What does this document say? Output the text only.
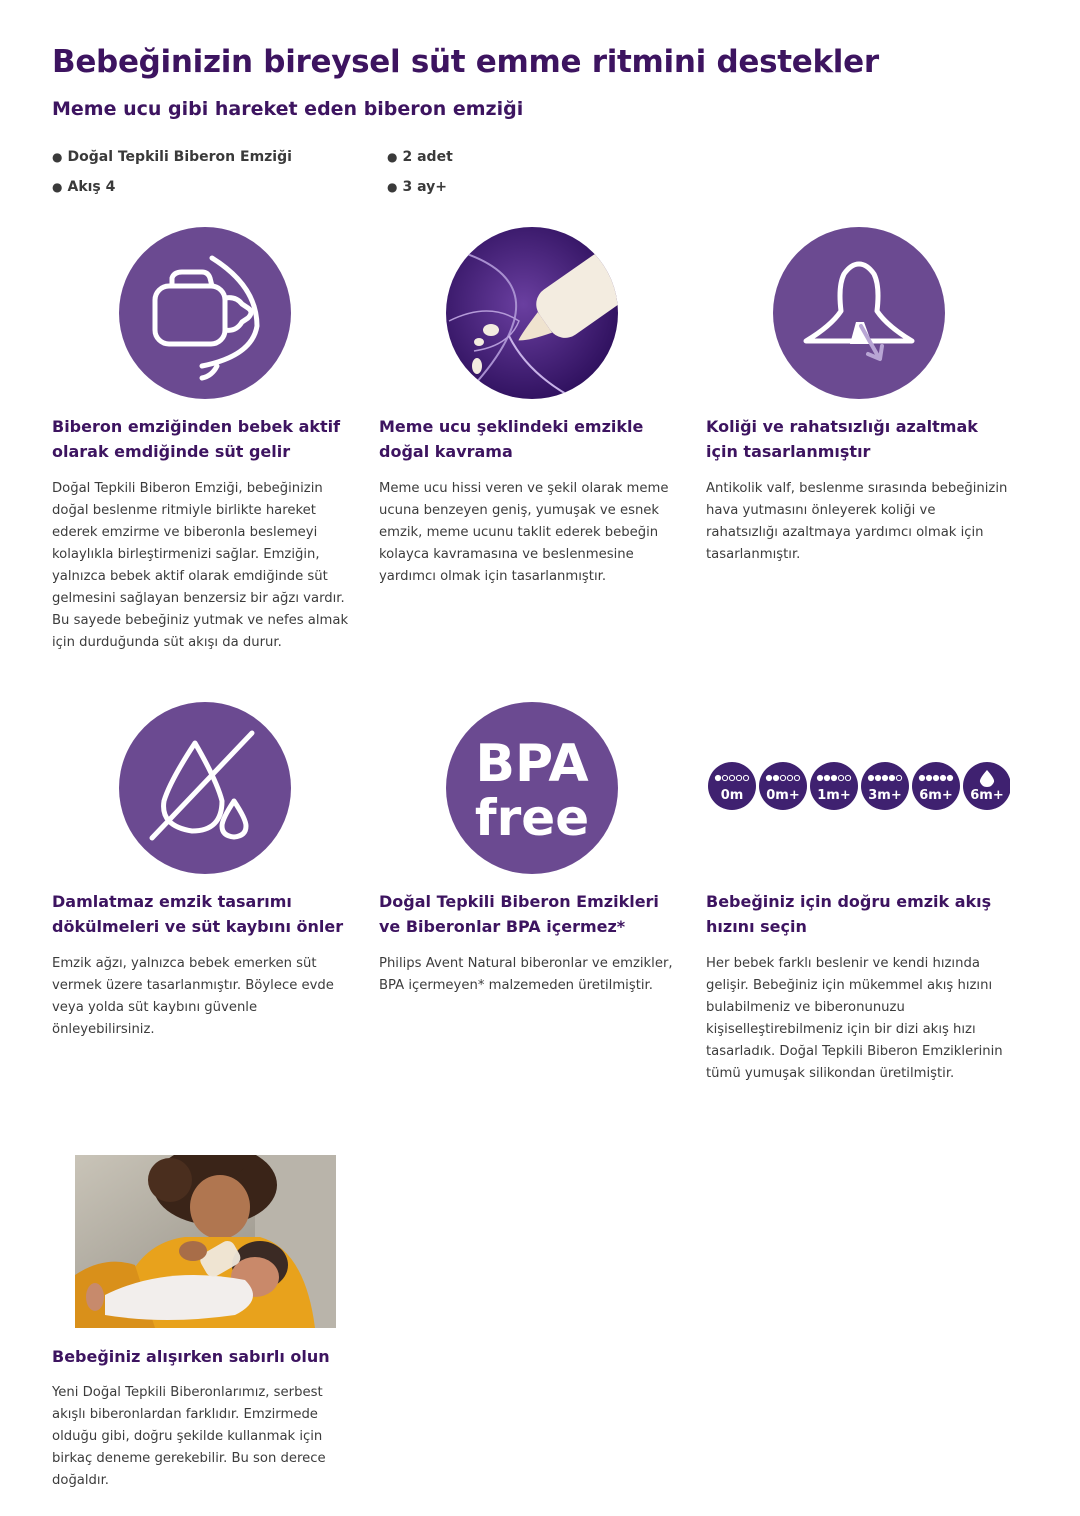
Bebeğinizin bireysel süt emme ritmini destekler
Meme ucu gibi hareket eden biberon emziği
● Doğal Tepkili Biberon Emziği
● Akış 4
● 2 adet
● 3 ay+
Biberon emziğinden bebek aktif olarak emdiğinde süt gelir

Doğal Tepkili Biberon Emziği, bebeğinizin doğal beslenme ritmiyle birlikte hareket ederek emzirme ve biberonla beslemeyi kolaylıkla birleştirmenizi sağlar. Emziğin, yalnızca bebek aktif olarak emdiğinde süt gelmesini sağlayan benzersiz bir ağzı vardır. Bu sayede bebeğiniz yutmak ve nefes almak için durduğunda süt akışı da durur.

Meme ucu şeklindeki emzikle doğal kavrama

Meme ucu hissi veren ve şekil olarak meme ucuna benzeyen geniş, yumuşak ve esnek emzik, meme ucunu taklit ederek bebeğin kolayca kavramasına ve beslenmesine yardımcı olmak için tasarlanmıştır.

Koliği ve rahatsızlığı azaltmak için tasarlanmıştır

Antikolik valf, beslenme sırasında bebeğinizin hava yutmasını önleyerek koliği ve rahatsızlığı azaltmaya yardımcı olmak için tasarlanmıştır.

Damlatmaz emzik tasarımı dökülmeleri ve süt kaybını önler

Emzik ağzı, yalnızca bebek emerken süt vermek üzere tasarlanmıştır. Böylece evde veya yolda süt kaybını güvenle önleyebilirsiniz.

BPA
free
Doğal Tepkili Biberon Emzikleri ve Biberonlar BPA içermez*

Philips Avent Natural biberonlar ve emzikler, BPA içermeyen* malzemeden üretilmiştir.

0m 0m+ 1m+ 3m+ 6m+ 6m+
Bebeğiniz için doğru emzik akış hızını seçin

Her bebek farklı beslenir ve kendi hızında gelişir. Bebeğiniz için mükemmel akış hızını bulabilmeniz ve biberonunuzu kişiselleştirebilmeniz için bir dizi akış hızı tasarladık. Doğal Tepkili Biberon Emziklerinin tümü yumuşak silikondan üretilmiştir.

Bebeğiniz alışırken sabırlı olun

Yeni Doğal Tepkili Biberonlarımız, serbest akışlı biberonlardan farklıdır. Emzirmede olduğu gibi, doğru şekilde kullanmak için birkaç deneme gerekebilir. Bu son derece doğaldır.
